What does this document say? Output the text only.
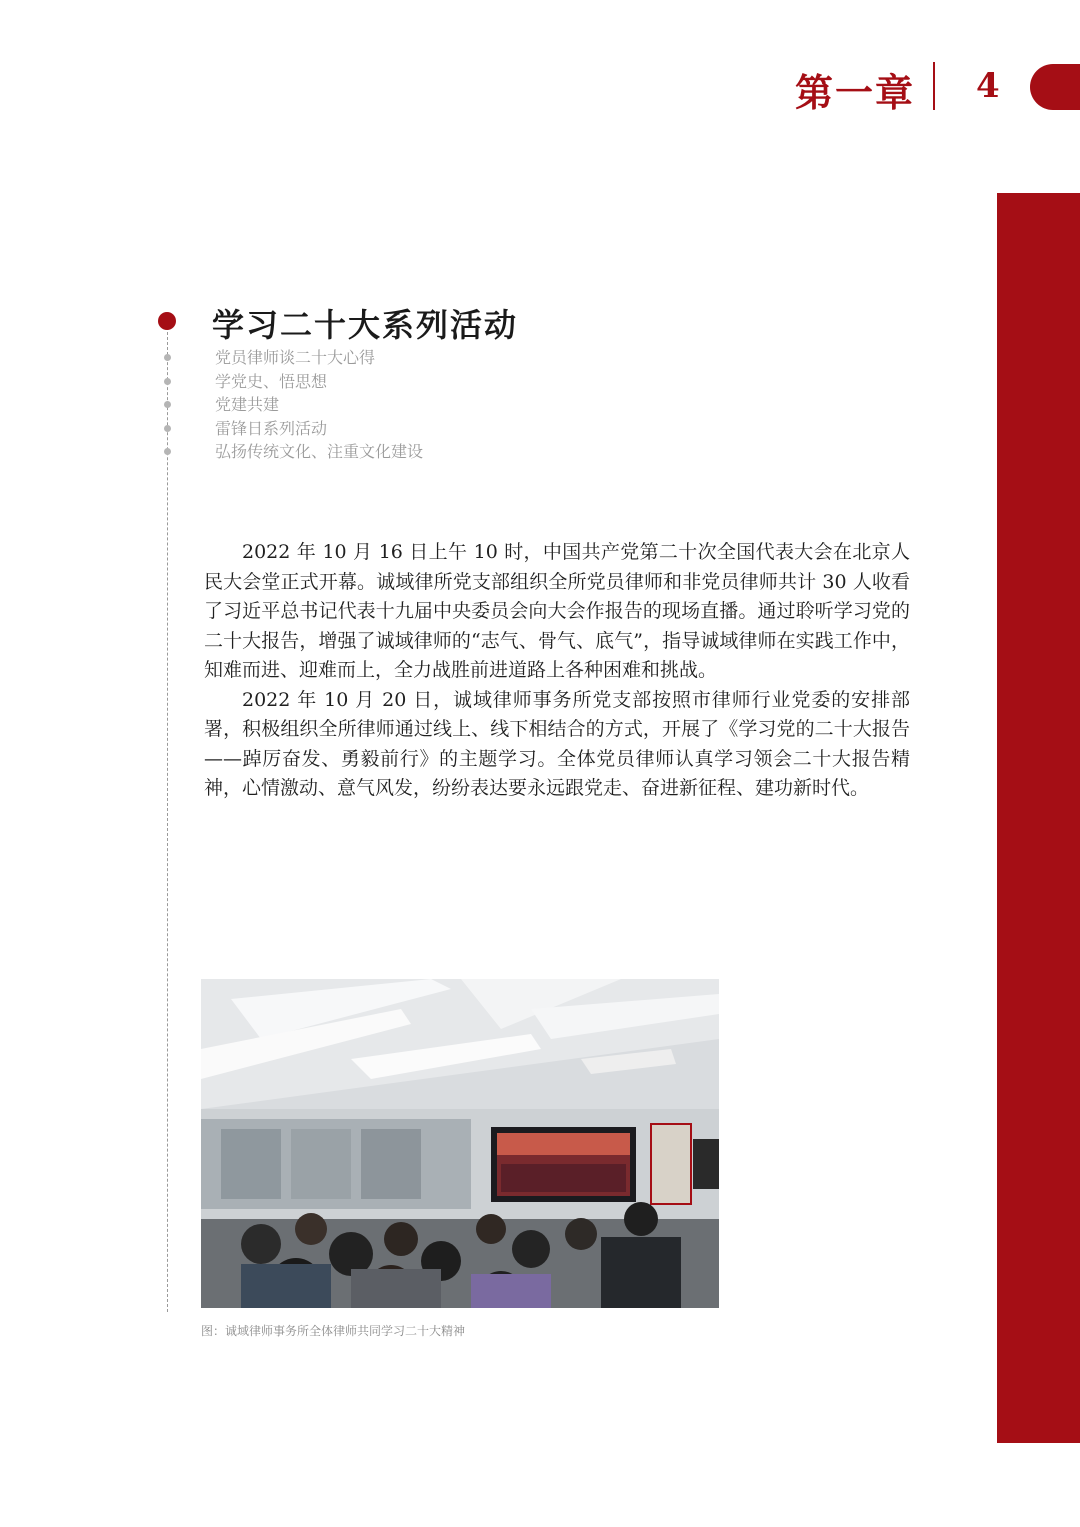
第一章 4
学习二十大系列活动
党员律师谈二十大心得
学党史、悟思想
党建共建
雷锋日系列活动
弘扬传统文化、注重文化建设

2022 年 10 月 16 日上午 10 时，中国共产党第二十次全国代表大会在北京人民大会堂正式开幕。诚域律所党支部组织全所党员律师和非党员律师共计 30 人收看了习近平总书记代表十九届中央委员会向大会作报告的现场直播。通过聆听学习党的二十大报告，增强了诚域律师的“志气、骨气、底气”，指导诚域律师在实践工作中，知难而进、迎难而上，全力战胜前进道路上各种困难和挑战。

2022 年 10 月 20 日，诚域律师事务所党支部按照市律师行业党委的安排部署，积极组织全所律师通过线上、线下相结合的方式，开展了《学习党的二十大报告——踔厉奋发、勇毅前行》的主题学习。全体党员律师认真学习领会二十大报告精神，心情激动、意气风发，纷纷表达要永远跟党走、奋进新征程、建功新时代。

图：诚域律师事务所全体律师共同学习二十大精神
